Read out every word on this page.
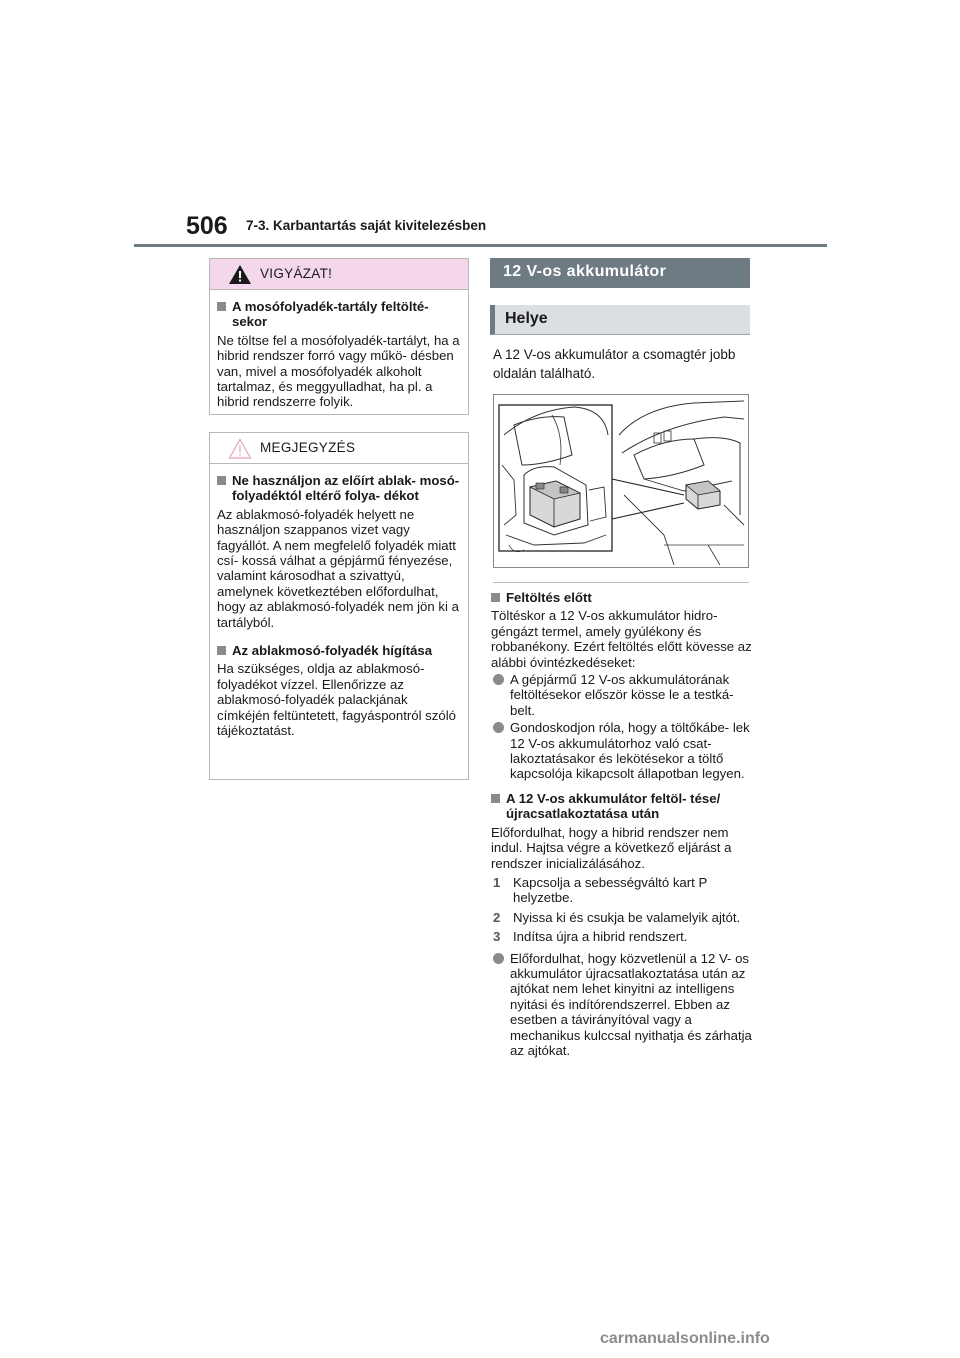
506 7-3. Karbantartás saját kivitelezésben
VIGYÁZAT!
A mosófolyadék-tartály feltölté- sekor
Ne töltse fel a mosófolyadék-tartályt, ha a hibrid rendszer forró vagy műkö- désben van, mivel a mosófolyadék alkoholt tartalmaz, és meggyulladhat, ha pl. a hibrid rendszerre folyik.
MEGJEGYZÉS
Ne használjon az előírt ablak- mosó-folyadéktól eltérő folya- dékot
Az ablakmosó-folyadék helyett ne használjon szappanos vizet vagy fagyállót. A nem megfelelő folyadék miatt csí- kossá válhat a gépjármű fényezése, valamint károsodhat a szivattyú, amelynek következtében előfordulhat, hogy az ablakmosó-folyadék nem jön ki a tartályból.
Az ablakmosó-folyadék hígítása
Ha szükséges, oldja az ablakmosó- folyadékot vízzel. Ellenőrizze az ablakmosó-folyadék palackjának címkéjén feltüntetett, fagyáspontról szóló tájékoztatást.
12 V-os akkumulátor
Helye
A 12 V-os akkumulátor a csomagtér jobb oldalán található.
Feltöltés előtt
Töltéskor a 12 V-os akkumulátor hidro- géngázt termel, amely gyúlékony és robbanékony. Ezért feltöltés előtt kövesse az alábbi óvintézkedéseket:
A gépjármű 12 V-os akkumulátorának feltöltésekor először kösse le a testká- belt.
Gondoskodjon róla, hogy a töltőkábe- lek 12 V-os akkumulátorhoz való csat- lakoztatásakor és lekötésekor a töltő kapcsolója kikapcsolt állapotban legyen.
A 12 V-os akkumulátor feltöl- tése/újracsatlakoztatása után
Előfordulhat, hogy a hibrid rendszer nem indul. Hajtsa végre a következő eljárást a rendszer inicializálásához.
1 Kapcsolja a sebességváltó kart P helyzetbe.
2 Nyissa ki és csukja be valamelyik ajtót.
3 Indítsa újra a hibrid rendszert.
Előfordulhat, hogy közvetlenül a 12 V- os akkumulátor újracsatlakoztatása után az ajtókat nem lehet kinyitni az intelligens nyitási és indítórendszerrel. Ebben az esetben a távirányítóval vagy a mechanikus kulccsal nyithatja és zárhatja az ajtókat.
carmanualsonline.info
